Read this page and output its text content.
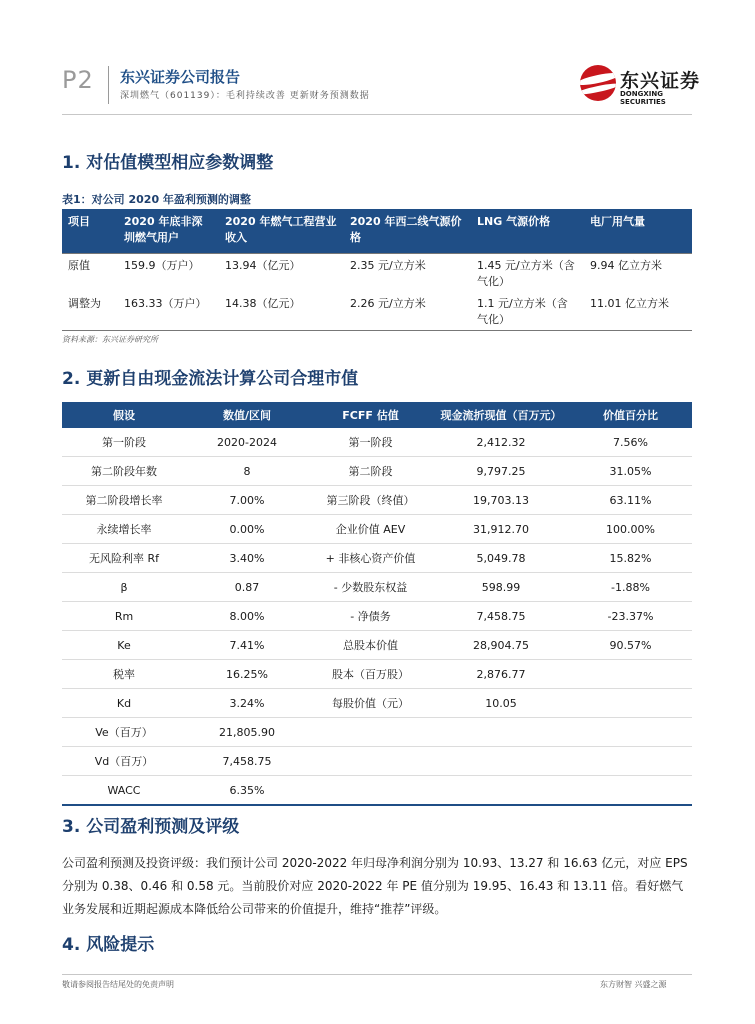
P2 东兴证券公司报告
深圳燃气（601139）：毛利持续改善 更新财务预测数据
东兴证券
DONGXING SECURITIES
1. 对估值模型相应参数调整
表1：对公司 2020 年盈利预测的调整
项目	2020 年底非深圳燃气用户	2020 年燃气工程营业收入	2020 年西二线气源价格	LNG 气源价格	电厂用气量
原值	159.9（万户）	13.94（亿元）	2.35 元/立方米	1.45 元/立方米（含气化）	9.94 亿立方米
调整为	163.33（万户）	14.38（亿元）	2.26 元/立方米	1.1 元/立方米（含气化）	11.01 亿立方米
资料来源：东兴证券研究所
2. 更新自由现金流法计算公司合理市值
假设	数值/区间	FCFF 估值	现金流折现值（百万元）	价值百分比
第一阶段	2020-2024	第一阶段	2,412.32	7.56%
第二阶段年数	8	第二阶段	9,797.25	31.05%
第二阶段增长率	7.00%	第三阶段（终值）	19,703.13	63.11%
永续增长率	0.00%	企业价值 AEV	31,912.70	100.00%
无风险利率 Rf	3.40%	+ 非核心资产价值	5,049.78	15.82%
β	0.87	- 少数股东权益	598.99	-1.88%
Rm	8.00%	- 净债务	7,458.75	-23.37%
Ke	7.41%	总股本价值	28,904.75	90.57%
税率	16.25%	股本（百万股）	2,876.77	
Kd	3.24%	每股价值（元）	10.05	
Ve（百万）	21,805.90			
Vd（百万）	7,458.75			
WACC	6.35%			
3. 公司盈利预测及评级
公司盈利预测及投资评级：我们预计公司 2020-2022 年归母净利润分别为 10.93、13.27 和 16.63 亿元，对应 EPS 分别为 0.38、0.46 和 0.58 元。当前股价对应 2020-2022 年 PE 值分别为 19.95、16.43 和 13.11 倍。看好燃气业务发展和近期起源成本降低给公司带来的价值提升，维持“推荐”评级。
4. 风险提示
敬请参阅报告结尾处的免责声明	东方财智 兴盛之源
